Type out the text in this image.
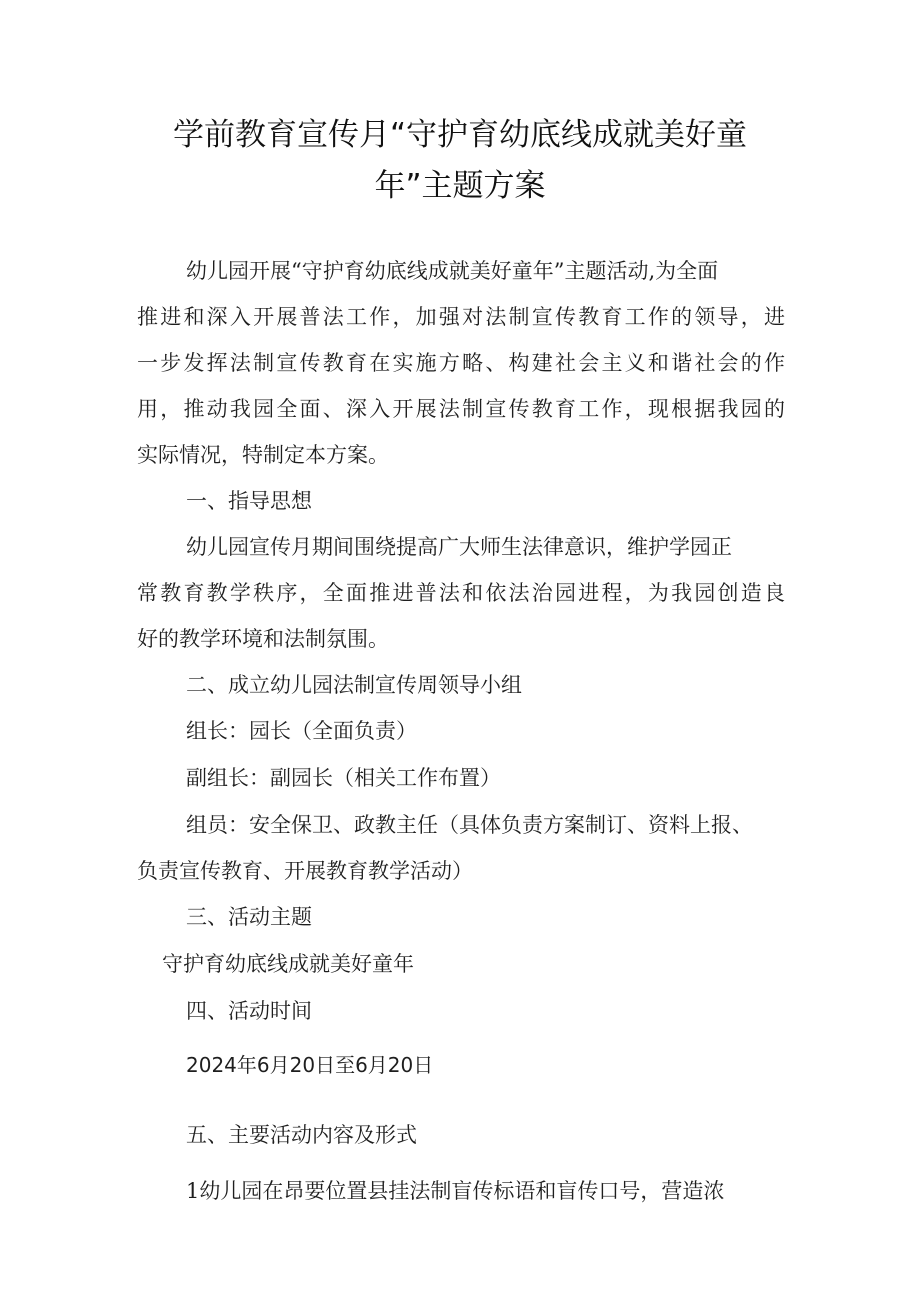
学前教育宣传月“守护育幼底线成就美好童
年”主题方案
幼儿园开展“守护育幼底线成就美好童年”主题活动,为全面
推进和深入开展普法工作，加强对法制宣传教育工作的领导，进
一步发挥法制宣传教育在实施方略、构建社会主义和谐社会的作
用，推动我园全面、深入开展法制宣传教育工作，现根据我园的
实际情况，特制定本方案。
一、指导思想
幼儿园宣传月期间围绕提高广大师生法律意识，维护学园正
常教育教学秩序，全面推进普法和依法治园进程，为我园创造良
好的教学环境和法制氛围。
二、成立幼儿园法制宣传周领导小组
组长：园长（全面负责）
副组长：副园长（相关工作布置）
组员：安全保卫、政教主任（具体负责方案制订、资料上报、
负责宣传教育、开展教育教学活动）
三、活动主题
守护育幼底线成就美好童年
四、活动时间
2024年6月20日至6月20日
五、主要活动内容及形式
1幼儿园在昂要位置县挂法制盲传标语和盲传口号，营造浓
